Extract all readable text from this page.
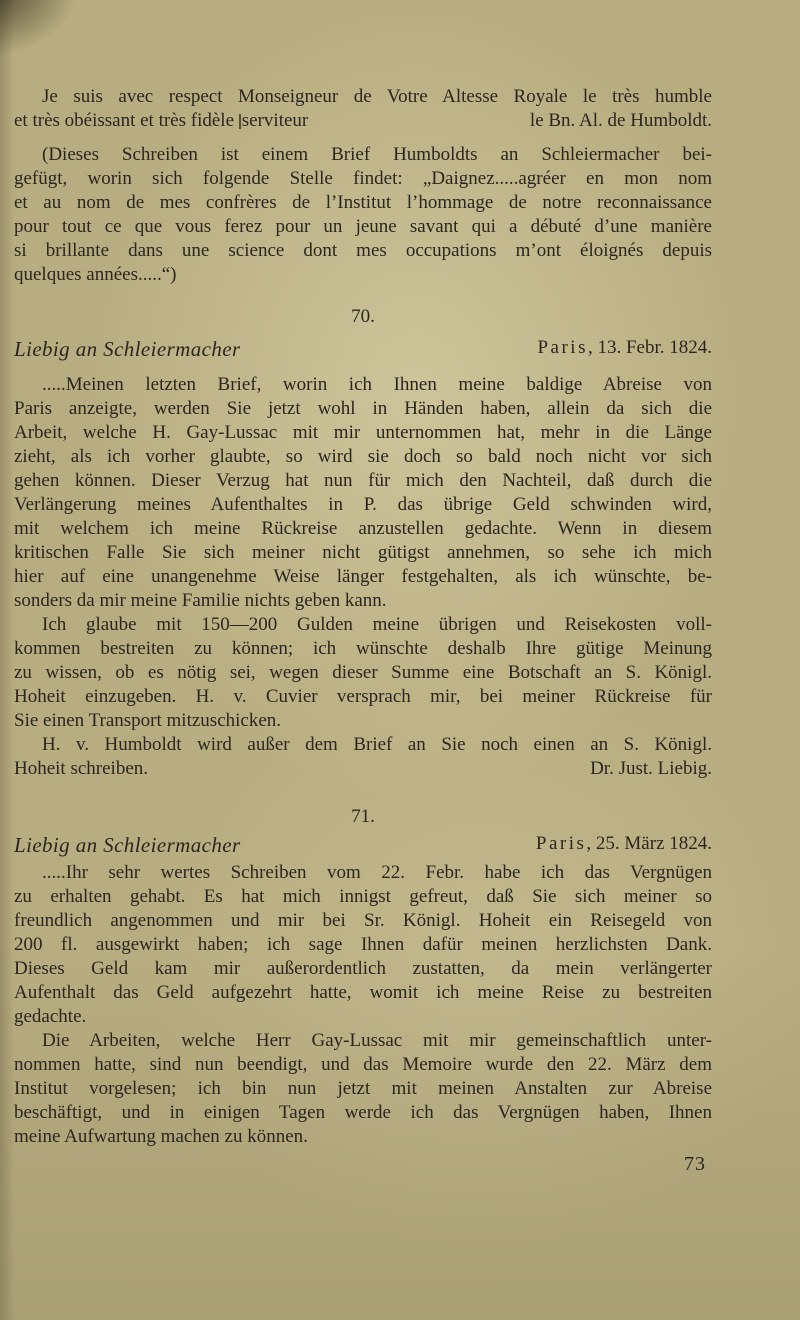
Je suis avec respect Monseigneur de Votre Altesse Royale le très humble
et très obéissant et très fidèle serviteur	le Bn. Al. de Humboldt.
(Dieses Schreiben ist einem Brief Humboldts an Schleiermacher bei-
gefügt, worin sich folgende Stelle findet: „Daignez.....agréer en mon nom
et au nom de mes confrères de l’Institut l’hommage de notre reconnaissance
pour tout ce que vous ferez pour un jeune savant qui a débuté d’une manière
si brillante dans une science dont mes occupations m’ont éloignés depuis
quelques années.....“)
70.
Liebig an Schleiermacher	Paris, 13. Febr. 1824.
.....Meinen letzten Brief, worin ich Ihnen meine baldige Abreise von
Paris anzeigte, werden Sie jetzt wohl in Händen haben, allein da sich die
Arbeit, welche H. Gay-Lussac mit mir unternommen hat, mehr in die Länge
zieht, als ich vorher glaubte, so wird sie doch so bald noch nicht vor sich
gehen können. Dieser Verzug hat nun für mich den Nachteil, daß durch die
Verlängerung meines Aufenthaltes in P. das übrige Geld schwinden wird,
mit welchem ich meine Rückreise anzustellen gedachte. Wenn in diesem
kritischen Falle Sie sich meiner nicht gütigst annehmen, so sehe ich mich
hier auf eine unangenehme Weise länger festgehalten, als ich wünschte, be-
sonders da mir meine Familie nichts geben kann.
Ich glaube mit 150—200 Gulden meine übrigen und Reisekosten voll-
kommen bestreiten zu können; ich wünschte deshalb Ihre gütige Meinung
zu wissen, ob es nötig sei, wegen dieser Summe eine Botschaft an S. Königl.
Hoheit einzugeben. H. v. Cuvier versprach mir, bei meiner Rückreise für
Sie einen Transport mitzuschicken.
H. v. Humboldt wird außer dem Brief an Sie noch einen an S. Königl.
Hoheit schreiben.	Dr. Just. Liebig.
71.
Liebig an Schleiermacher	Paris, 25. März 1824.
.....Ihr sehr wertes Schreiben vom 22. Febr. habe ich das Vergnügen
zu erhalten gehabt. Es hat mich innigst gefreut, daß Sie sich meiner so
freundlich angenommen und mir bei Sr. Königl. Hoheit ein Reisegeld von
200 fl. ausgewirkt haben; ich sage Ihnen dafür meinen herzlichsten Dank.
Dieses Geld kam mir außerordentlich zustatten, da mein verlängerter
Aufenthalt das Geld aufgezehrt hatte, womit ich meine Reise zu bestreiten
gedachte.
Die Arbeiten, welche Herr Gay-Lussac mit mir gemeinschaftlich unter-
nommen hatte, sind nun beendigt, und das Memoire wurde den 22. März dem
Institut vorgelesen; ich bin nun jetzt mit meinen Anstalten zur Abreise
beschäftigt, und in einigen Tagen werde ich das Vergnügen haben, Ihnen
meine Aufwartung machen zu können.
73
